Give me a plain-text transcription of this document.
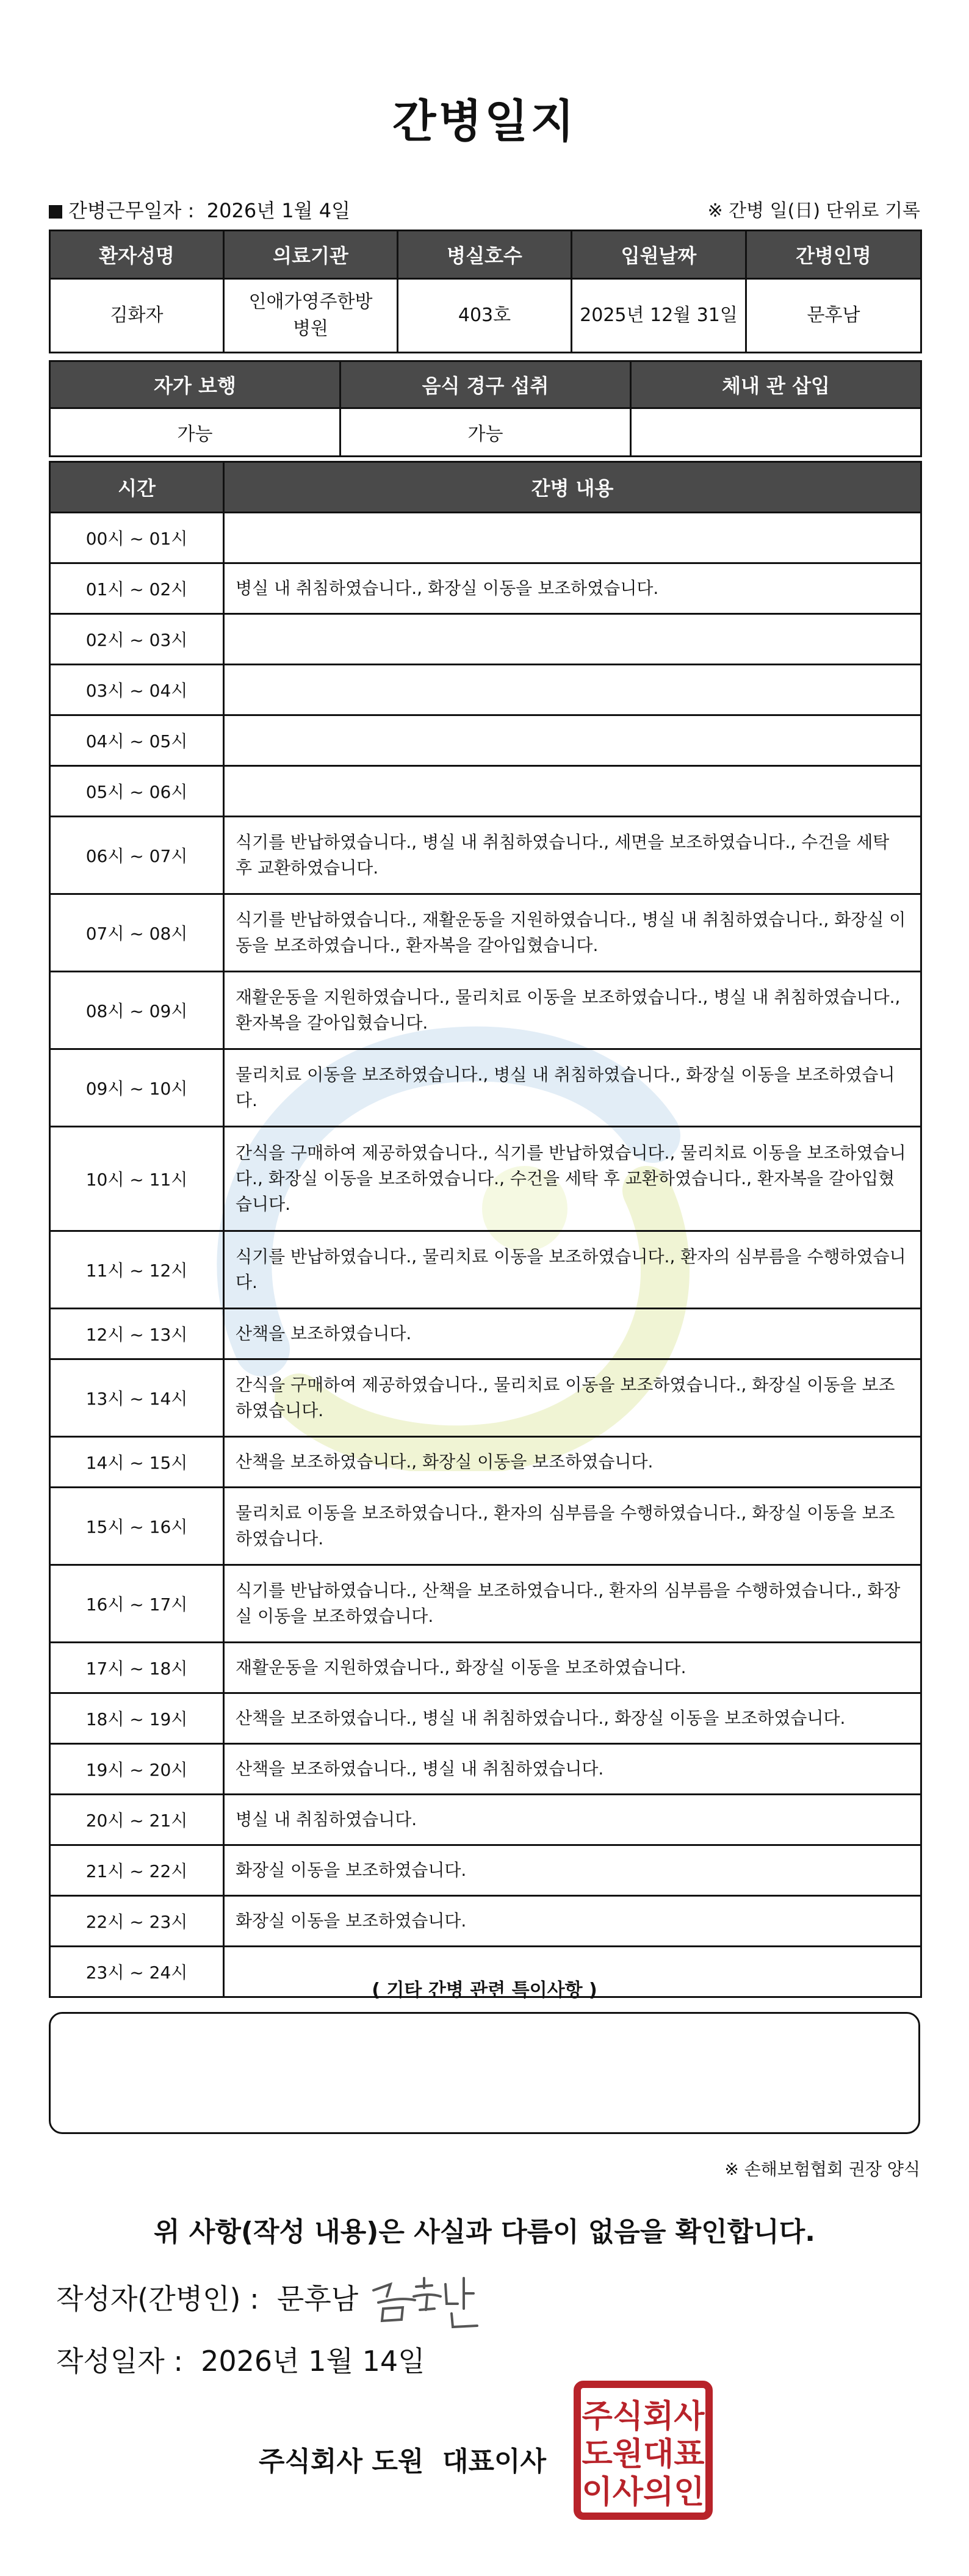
간병일지
간병근무일자 : 2026년 1월 4일	※ 간병 일(日) 단위로 기록
환자성명	의료기관	병실호수	입원날짜	간병인명
김화자	인애가영주한방병원	403호	2025년 12월 31일	문후남
자가 보행	음식 경구 섭취	체내 관 삽입
가능	가능	
시간	간병 내용
00시 ~ 01시	
01시 ~ 02시	병실 내 취침하였습니다., 화장실 이동을 보조하였습니다.
02시 ~ 03시	
03시 ~ 04시	
04시 ~ 05시	
05시 ~ 06시	
06시 ~ 07시	식기를 반납하였습니다., 병실 내 취침하였습니다., 세면을 보조하였습니다., 수건을 세탁 후 교환하였습니다.
07시 ~ 08시	식기를 반납하였습니다., 재활운동을 지원하였습니다., 병실 내 취침하였습니다., 화장실 이동을 보조하였습니다., 환자복을 갈아입혔습니다.
08시 ~ 09시	재활운동을 지원하였습니다., 물리치료 이동을 보조하였습니다., 병실 내 취침하였습니다., 환자복을 갈아입혔습니다.
09시 ~ 10시	물리치료 이동을 보조하였습니다., 병실 내 취침하였습니다., 화장실 이동을 보조하였습니다.
10시 ~ 11시	간식을 구매하여 제공하였습니다., 식기를 반납하였습니다., 물리치료 이동을 보조하였습니다., 화장실 이동을 보조하였습니다., 수건을 세탁 후 교환하였습니다., 환자복을 갈아입혔습니다.
11시 ~ 12시	식기를 반납하였습니다., 물리치료 이동을 보조하였습니다., 환자의 심부름을 수행하였습니다.
12시 ~ 13시	산책을 보조하였습니다.
13시 ~ 14시	간식을 구매하여 제공하였습니다., 물리치료 이동을 보조하였습니다., 화장실 이동을 보조하였습니다.
14시 ~ 15시	산책을 보조하였습니다., 화장실 이동을 보조하였습니다.
15시 ~ 16시	물리치료 이동을 보조하였습니다., 환자의 심부름을 수행하였습니다., 화장실 이동을 보조하였습니다.
16시 ~ 17시	식기를 반납하였습니다., 산책을 보조하였습니다., 환자의 심부름을 수행하였습니다., 화장실 이동을 보조하였습니다.
17시 ~ 18시	재활운동을 지원하였습니다., 화장실 이동을 보조하였습니다.
18시 ~ 19시	산책을 보조하였습니다., 병실 내 취침하였습니다., 화장실 이동을 보조하였습니다.
19시 ~ 20시	산책을 보조하였습니다., 병실 내 취침하였습니다.
20시 ~ 21시	병실 내 취침하였습니다.
21시 ~ 22시	화장실 이동을 보조하였습니다.
22시 ~ 23시	화장실 이동을 보조하였습니다.
23시 ~ 24시	
( 기타 간병 관련 특이사항 )
※ 손해보험협회 권장 양식
위 사항(작성 내용)은 사실과 다름이 없음을 확인합니다.
작성자(간병인) : 문후남
작성일자 : 2026년 1월 14일
주식회사 도원 대표이사
주식회사
도원대표
이사의인
